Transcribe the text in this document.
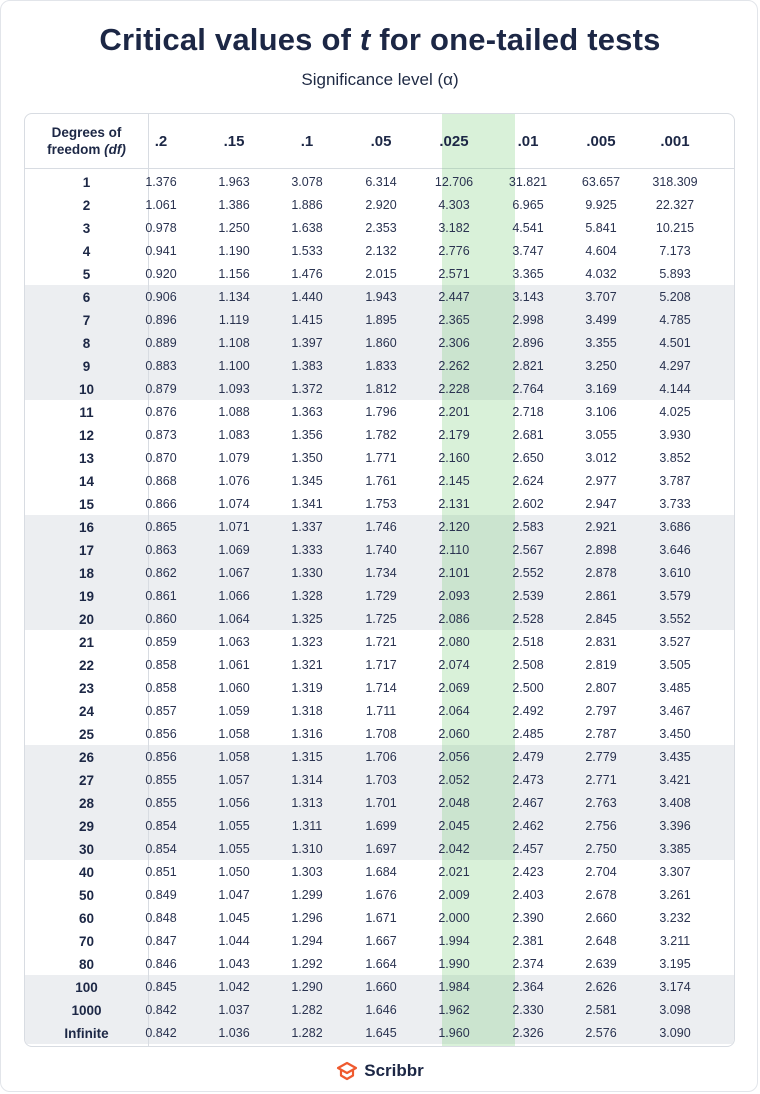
Critical values of t for one-tailed tests
Significance level (α)
Degrees of
freedom (df)	.2	.15	.1	.05	.025	.01	.005	.001
1	1.376	1.963	3.078	6.314	12.706	31.821	63.657	318.309
2	1.061	1.386	1.886	2.920	4.303	6.965	9.925	22.327
3	0.978	1.250	1.638	2.353	3.182	4.541	5.841	10.215
4	0.941	1.190	1.533	2.132	2.776	3.747	4.604	7.173
5	0.920	1.156	1.476	2.015	2.571	3.365	4.032	5.893
6	0.906	1.134	1.440	1.943	2.447	3.143	3.707	5.208
7	0.896	1.119	1.415	1.895	2.365	2.998	3.499	4.785
8	0.889	1.108	1.397	1.860	2.306	2.896	3.355	4.501
9	0.883	1.100	1.383	1.833	2.262	2.821	3.250	4.297
10	0.879	1.093	1.372	1.812	2.228	2.764	3.169	4.144
11	0.876	1.088	1.363	1.796	2.201	2.718	3.106	4.025
12	0.873	1.083	1.356	1.782	2.179	2.681	3.055	3.930
13	0.870	1.079	1.350	1.771	2.160	2.650	3.012	3.852
14	0.868	1.076	1.345	1.761	2.145	2.624	2.977	3.787
15	0.866	1.074	1.341	1.753	2.131	2.602	2.947	3.733
16	0.865	1.071	1.337	1.746	2.120	2.583	2.921	3.686
17	0.863	1.069	1.333	1.740	2.110	2.567	2.898	3.646
18	0.862	1.067	1.330	1.734	2.101	2.552	2.878	3.610
19	0.861	1.066	1.328	1.729	2.093	2.539	2.861	3.579
20	0.860	1.064	1.325	1.725	2.086	2.528	2.845	3.552
21	0.859	1.063	1.323	1.721	2.080	2.518	2.831	3.527
22	0.858	1.061	1.321	1.717	2.074	2.508	2.819	3.505
23	0.858	1.060	1.319	1.714	2.069	2.500	2.807	3.485
24	0.857	1.059	1.318	1.711	2.064	2.492	2.797	3.467
25	0.856	1.058	1.316	1.708	2.060	2.485	2.787	3.450
26	0.856	1.058	1.315	1.706	2.056	2.479	2.779	3.435
27	0.855	1.057	1.314	1.703	2.052	2.473	2.771	3.421
28	0.855	1.056	1.313	1.701	2.048	2.467	2.763	3.408
29	0.854	1.055	1.311	1.699	2.045	2.462	2.756	3.396
30	0.854	1.055	1.310	1.697	2.042	2.457	2.750	3.385
40	0.851	1.050	1.303	1.684	2.021	2.423	2.704	3.307
50	0.849	1.047	1.299	1.676	2.009	2.403	2.678	3.261
60	0.848	1.045	1.296	1.671	2.000	2.390	2.660	3.232
70	0.847	1.044	1.294	1.667	1.994	2.381	2.648	3.211
80	0.846	1.043	1.292	1.664	1.990	2.374	2.639	3.195
100	0.845	1.042	1.290	1.660	1.984	2.364	2.626	3.174
1000	0.842	1.037	1.282	1.646	1.962	2.330	2.581	3.098
Infinite	0.842	1.036	1.282	1.645	1.960	2.326	2.576	3.090
Scribbr
